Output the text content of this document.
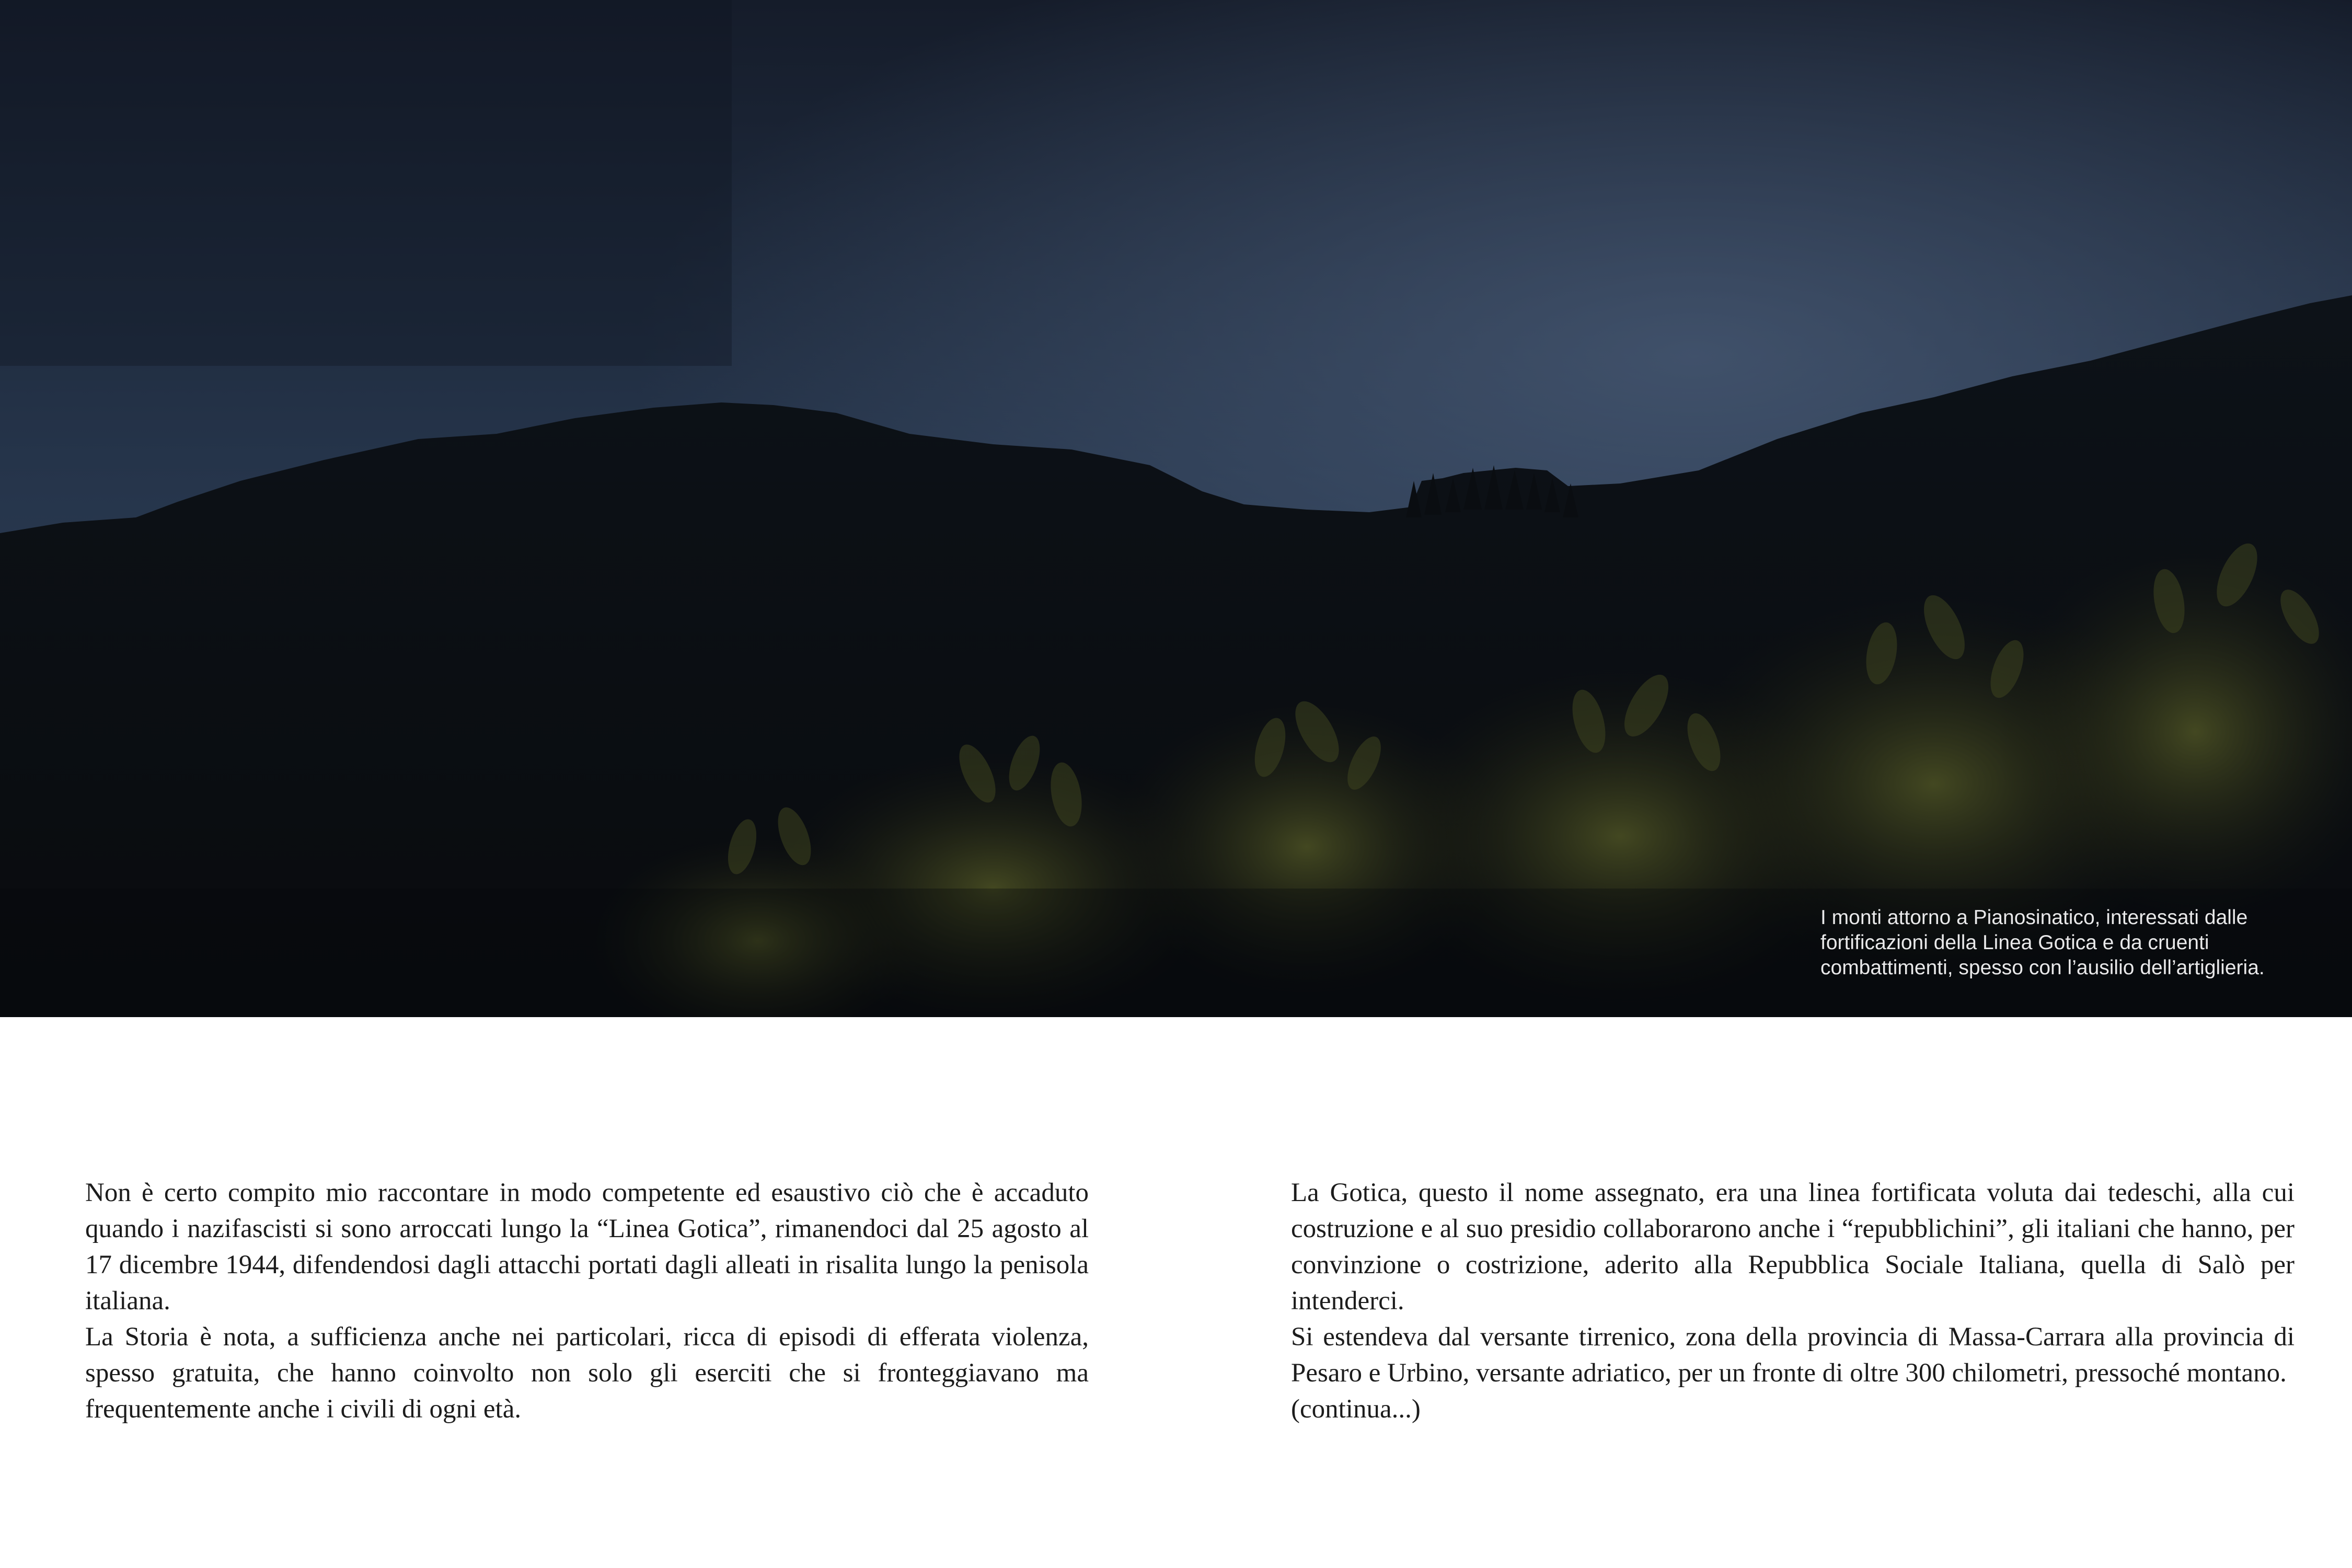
I monti attorno a Pianosinatico, interessati dalle
fortificazioni della Linea Gotica e da cruenti
combattimenti, spesso con l’ausilio dell’artiglieria.

Non è certo compito mio raccontare in modo competente ed esaustivo ciò che è accaduto quando i nazifascisti si sono arroccati lungo la “Linea Gotica”, rimanendoci dal 25 agosto al 17 dicembre 1944, difendendosi dagli attacchi portati dagli alleati in risalita lungo la penisola italiana.

La Storia è nota, a sufficienza anche nei particolari, ricca di episodi di efferata violenza, spesso gratuita, che hanno coinvolto non solo gli eserciti che si fronteggiavano ma frequentemente anche i civili di ogni età.

La Gotica, questo il nome assegnato, era una linea fortificata voluta dai tedeschi, alla cui costruzione e al suo presidio collaborarono anche i “repubblichini”, gli italiani che hanno, per convinzione o costrizione, aderito alla Repubblica Sociale Italiana, quella di Salò per intenderci.

Si estendeva dal versante tirrenico, zona della provincia di Massa-Carrara alla provincia di Pesaro e Urbino, versante adriatico, per un fronte di oltre 300 chilometri, pressoché montano.

(continua...)
